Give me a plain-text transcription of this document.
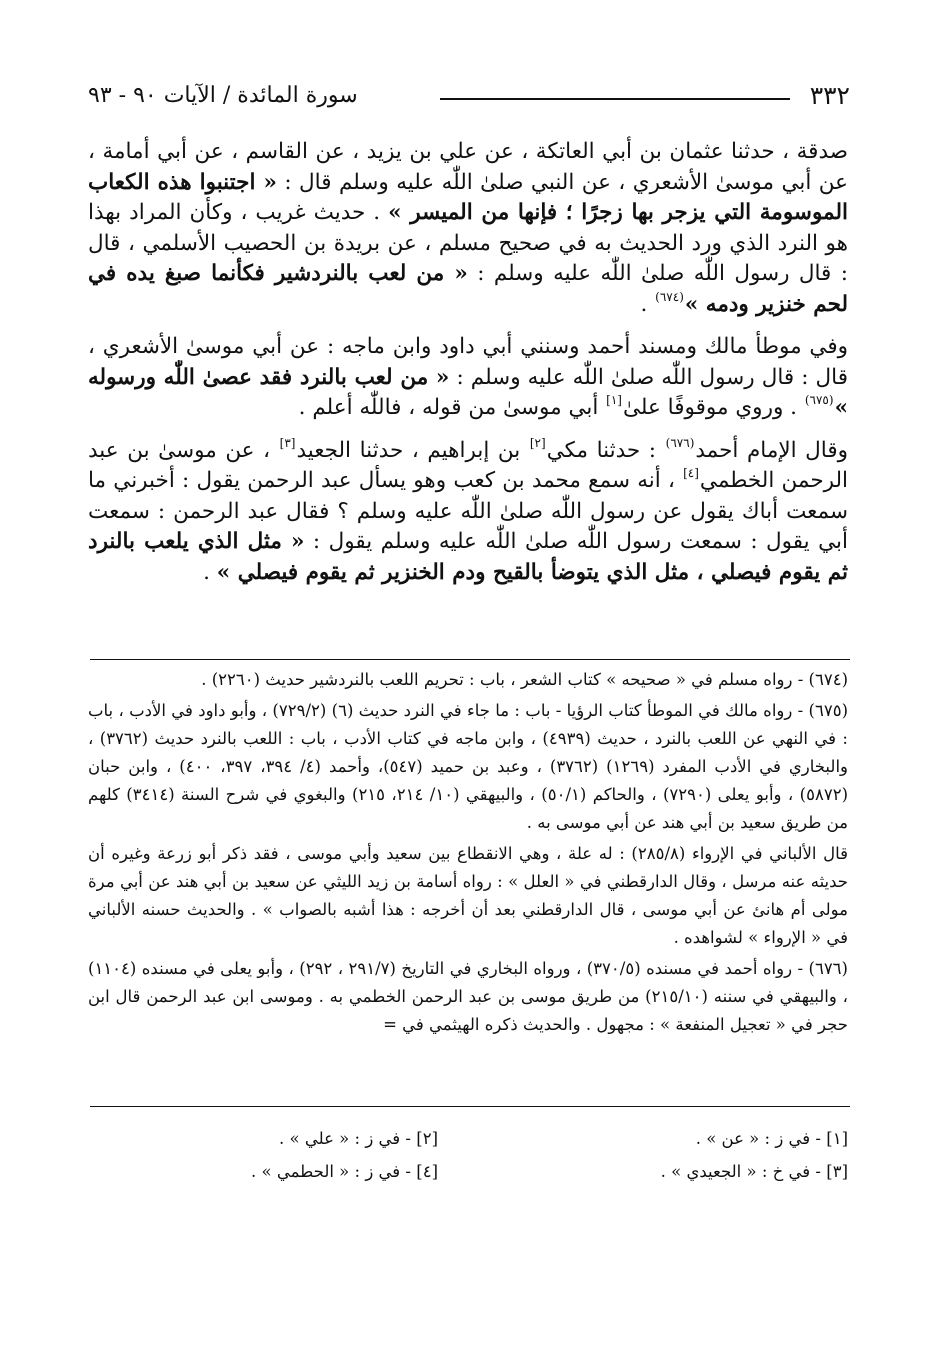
٣٣٢
سورة المائدة / الآيات ٩٠ - ٩٣

صدقة ، حدثنا عثمان بن أبي العاتكة ، عن علي بن يزيد ، عن القاسم ، عن أبي أمامة ، عن أبي موسىٰ الأشعري ، عن النبي صلىٰ اللّٰه عليه وسلم قال : « اجتنبوا هذه الكعاب الموسومة التي يزجر بها زجرًا ؛ فإنها من الميسر » . حديث غريب ، وكأن المراد بهذا هو النرد الذي ورد الحديث به في صحيح مسلم ، عن بريدة بن الحصيب الأسلمي ، قال : قال رسول اللّٰه صلىٰ اللّٰه عليه وسلم : « من لعب بالنردشير فكأنما صبغ يده في لحم خنزير ودمه »$^{(٦٧٤)}$ .

وفي موطأ مالك ومسند أحمد وسنني أبي داود وابن ماجه : عن أبي موسىٰ الأشعري ، قال : قال رسول اللّٰه صلىٰ اللّٰه عليه وسلم : « من لعب بالنرد فقد عصىٰ اللّٰه ورسوله »$^{(٦٧٥)}$ . وروي موقوفًا علىٰ[١] أبي موسىٰ من قوله ، فاللّٰه أعلم .

وقال الإمام أحمد$^{(٦٧٦)}$ : حدثنا مكي[٢] بن إبراهيم ، حدثنا الجعيد[٣] ، عن موسىٰ بن عبد الرحمن الخطمي[٤] ، أنه سمع محمد بن كعب وهو يسأل عبد الرحمن يقول : أخبرني ما سمعت أباك يقول عن رسول اللّٰه صلىٰ اللّٰه عليه وسلم ؟ فقال عبد الرحمن : سمعت أبي يقول : سمعت رسول اللّٰه صلىٰ اللّٰه عليه وسلم يقول : « مثل الذي يلعب بالنرد ثم يقوم فيصلي ، مثل الذي يتوضأ بالقيح ودم الخنزير ثم يقوم فيصلي » .

(٦٧٤) - رواه مسلم في « صحيحه » كتاب الشعر ، باب : تحريم اللعب بالنردشير حديث (٢٢٦٠) .

(٦٧٥) - رواه مالك في الموطأ كتاب الرؤيا - باب : ما جاء في النرد حديث (٦) (٧٢٩/٢) ، وأبو داود في الأدب ، باب : في النهي عن اللعب بالنرد ، حديث (٤٩٣٩) ، وابن ماجه في كتاب الأدب ، باب : اللعب بالنرد حديث (٣٧٦٢) ، والبخاري في الأدب المفرد (١٢٦٩) (٣٧٦٢) ، وعبد بن حميد (٥٤٧)، وأحمد (٤/ ٣٩٤، ٣٩٧، ٤٠٠) ، وابن حبان (٥٨٧٢) ، وأبو يعلى (٧٢٩٠) ، والحاكم (٥٠/١) ، والبيهقي (١٠/ ٢١٤، ٢١٥) والبغوي في شرح السنة (٣٤١٤) كلهم من طريق سعيد بن أبي هند عن أبي موسى به .

قال الألباني في الإرواء (٢٨٥/٨) : له علة ، وهي الانقطاع بين سعيد وأبي موسى ، فقد ذكر أبو زرعة وغيره أن حديثه عنه مرسل ، وقال الدارقطني في « العلل » : رواه أسامة بن زيد الليثي عن سعيد بن أبي هند عن أبي مرة مولى أم هانئ عن أبي موسى ، قال الدارقطني بعد أن أخرجه : هذا أشبه بالصواب » . والحديث حسنه الألباني في « الإرواء » لشواهده .

(٦٧٦) - رواه أحمد في مسنده (٣٧٠/٥) ، ورواه البخاري في التاريخ (٢٩١/٧ ، ٢٩٢) ، وأبو يعلى في مسنده (١١٠٤) ، والبيهقي في سننه (٢١٥/١٠) من طريق موسى بن عبد الرحمن الخطمي به . وموسى ابن عبد الرحمن قال ابن حجر في « تعجيل المنفعة » : مجهول . والحديث ذكره الهيثمي في =

[١] - في ز : « عن » .
[٢] - في ز : « علي » .
[٣] - في خ : « الجعيدي » .
[٤] - في ز : « الحطمي » .
